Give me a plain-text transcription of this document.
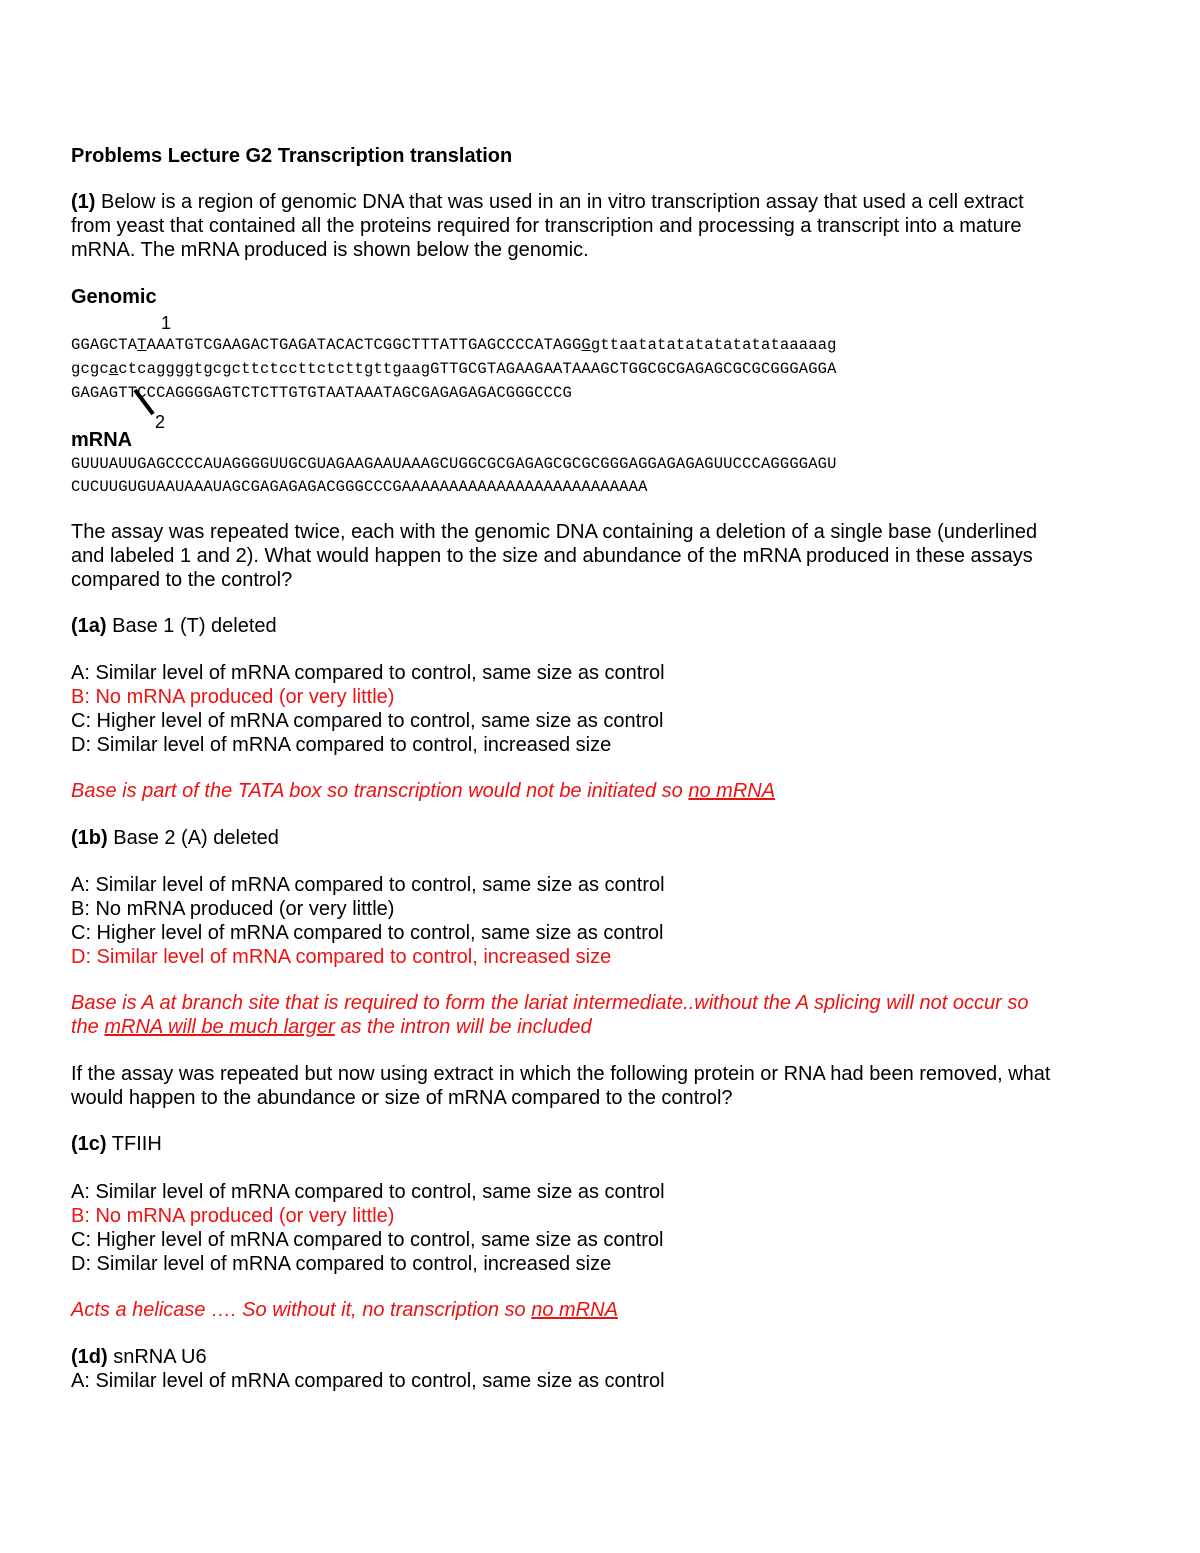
Problems Lecture G2 Transcription translation
(1) Below is a region of genomic DNA that was used in an in vitro transcription assay that used a cell extract
from yeast that contained all the proteins required for transcription and processing a transcript into a mature
mRNA. The mRNA produced is shown below the genomic.
Genomic
1
GGAGCTATAAATGTCGAAGACTGAGATACACTCGGCTTTATTGAGCCCCATAGGGgttaatatatatatatatataaaaag
gcgcactcaggggtgcgcttctccttctcttgttgaagGTTGCGTAGAAGAATAAAGCTGGCGCGAGAGCGCGCGGGAGGA
GAGAGTTCCCAGGGGAGTCTCTTGTGTAATAAATAGCGAGAGAGACGGGCCCG
2
mRNA
GUUUAUUGAGCCCCAUAGGGGUUGCGUAGAAGAAUAAAGCUGGCGCGAGAGCGCGCGGGAGGAGAGAGUUCCCAGGGGAGU
CUCUUGUGUAAUAAAUAGCGAGAGAGACGGGCCCGAAAAAAAAAAAAAAAAAAAAAAAAAA
The assay was repeated twice, each with the genomic DNA containing a deletion of a single base (underlined
and labeled 1 and 2). What would happen to the size and abundance of the mRNA produced in these assays
compared to the control?
(1a) Base 1 (T) deleted
A: Similar level of mRNA compared to control, same size as control
B: No mRNA produced (or very little)
C: Higher level of mRNA compared to control, same size as control
D: Similar level of mRNA compared to control, increased size
Base is part of the TATA box so transcription would not be initiated so no mRNA
(1b) Base 2 (A) deleted
A: Similar level of mRNA compared to control, same size as control
B: No mRNA produced (or very little)
C: Higher level of mRNA compared to control, same size as control
D: Similar level of mRNA compared to control, increased size
Base is A at branch site that is required to form the lariat intermediate..without the A splicing will not occur so
the mRNA will be much larger as the intron will be included
If the assay was repeated but now using extract in which the following protein or RNA had been removed, what
would happen to the abundance or size of mRNA compared to the control?
(1c) TFIIH
A: Similar level of mRNA compared to control, same size as control
B: No mRNA produced (or very little)
C: Higher level of mRNA compared to control, same size as control
D: Similar level of mRNA compared to control, increased size
Acts a helicase …. So without it, no transcription so no mRNA
(1d) snRNA U6
A: Similar level of mRNA compared to control, same size as control
